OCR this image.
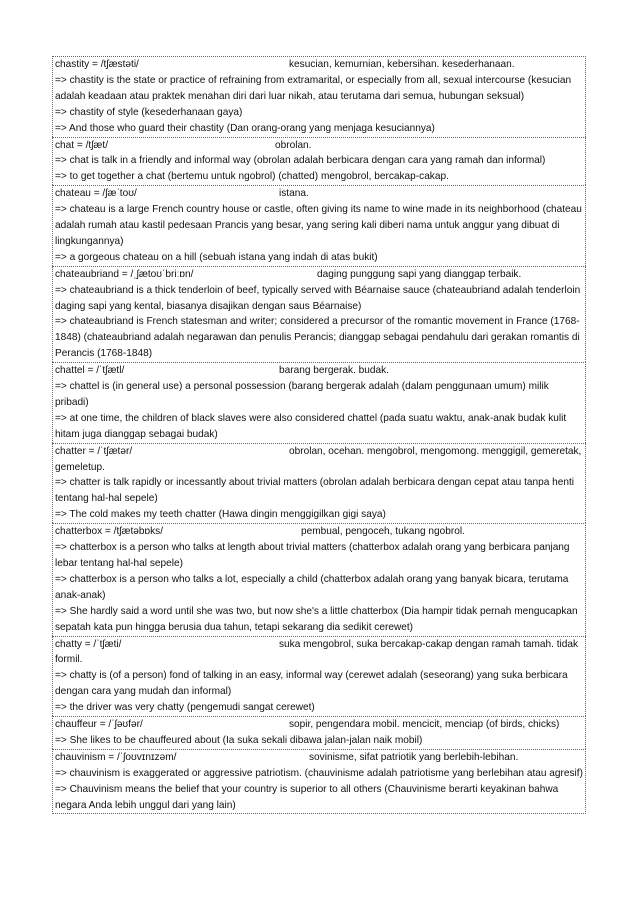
chastity = /tʃæstəti/	kesucian, kemurnian, kebersihan. kesederhanaan.
=> chastity is the state or practice of refraining from extramarital, or especially from all, sexual intercourse (kesucian adalah keadaan atau praktek menahan diri dari luar nikah, atau terutama dari semua, hubungan seksual)
=> chastity of style (kesederhanaan gaya)
=> And those who guard their chastity (Dan orang-orang yang menjaga kesuciannya)
chat = /tʃæt/	obrolan.
=> chat is talk in a friendly and informal way (obrolan adalah berbicara dengan cara yang ramah dan informal)
=> to get together a chat (bertemu untuk ngobrol) (chatted) mengobrol, bercakap-cakap.
chateau = /ʃæˈtoʊ/	istana.
=> chateau is a large French country house or castle, often giving its name to wine made in its neighborhood (chateau adalah rumah atau kastil pedesaan Prancis yang besar, yang sering kali diberi nama untuk anggur yang dibuat di lingkungannya)
=> a gorgeous chateau on a hill (sebuah istana yang indah di atas bukit)
chateaubriand = /ˌʃætoʊˈbriːɒn/	daging punggung sapi yang dianggap terbaik.
=> chateaubriand is a thick tenderloin of beef, typically served with Béarnaise sauce (chateaubriand adalah tenderloin daging sapi yang kental, biasanya disajikan dengan saus Béarnaise)
=> chateaubriand is French statesman and writer; considered a precursor of the romantic movement in France (1768-1848) (chateaubriand adalah negarawan dan penulis Perancis; dianggap sebagai pendahulu dari gerakan romantis di Perancis (1768-1848)
chattel = /ˈtʃætl/	barang bergerak. budak.
=> chattel is (in general use) a personal possession (barang bergerak adalah (dalam penggunaan umum) milik pribadi)
=> at one time, the children of black slaves were also considered chattel (pada suatu waktu, anak-anak budak kulit hitam juga dianggap sebagai budak)
chatter = /ˈtʃætər/	obrolan, ocehan. mengobrol, mengomong. menggigil, gemeretak, gemeletup.
=> chatter is talk rapidly or incessantly about trivial matters (obrolan adalah berbicara dengan cepat atau tanpa henti tentang hal-hal sepele)
=> The cold makes my teeth chatter (Hawa dingin menggigilkan gigi saya)
chatterbox = /tʃætəbɒks/	pembual, pengoceh, tukang ngobrol.
=> chatterbox is a person who talks at length about trivial matters (chatterbox adalah orang yang berbicara panjang lebar tentang hal-hal sepele)
=> chatterbox is a person who talks a lot, especially a child (chatterbox adalah orang yang banyak bicara, terutama anak-anak)
=> She hardly said a word until she was two, but now she's a little chatterbox (Dia hampir tidak pernah mengucapkan sepatah kata pun hingga berusia dua tahun, tetapi sekarang dia sedikit cerewet)
chatty = /ˈtʃæti/	suka mengobrol, suka bercakap-cakap dengan ramah tamah. tidak formil.
=> chatty is (of a person) fond of talking in an easy, informal way (cerewet adalah (seseorang) yang suka berbicara dengan cara yang mudah dan informal)
=> the driver was very chatty (pengemudi sangat cerewet)
chauffeur = /ˈʃəʊfər/	sopir, pengendara mobil. mencicit, menciap (of birds, chicks)
=> She likes to be chauffeured about (Ia suka sekali dibawa jalan-jalan naik mobil)
chauvinism = /ˈʃoʊvɪnɪzəm/	sovinisme, sifat patriotik yang berlebih-lebihan.
=> chauvinism is exaggerated or aggressive patriotism. (chauvinisme adalah patriotisme yang berlebihan atau agresif)
=> Chauvinism means the belief that your country is superior to all others (Chauvinisme berarti keyakinan bahwa negara Anda lebih unggul dari yang lain)
